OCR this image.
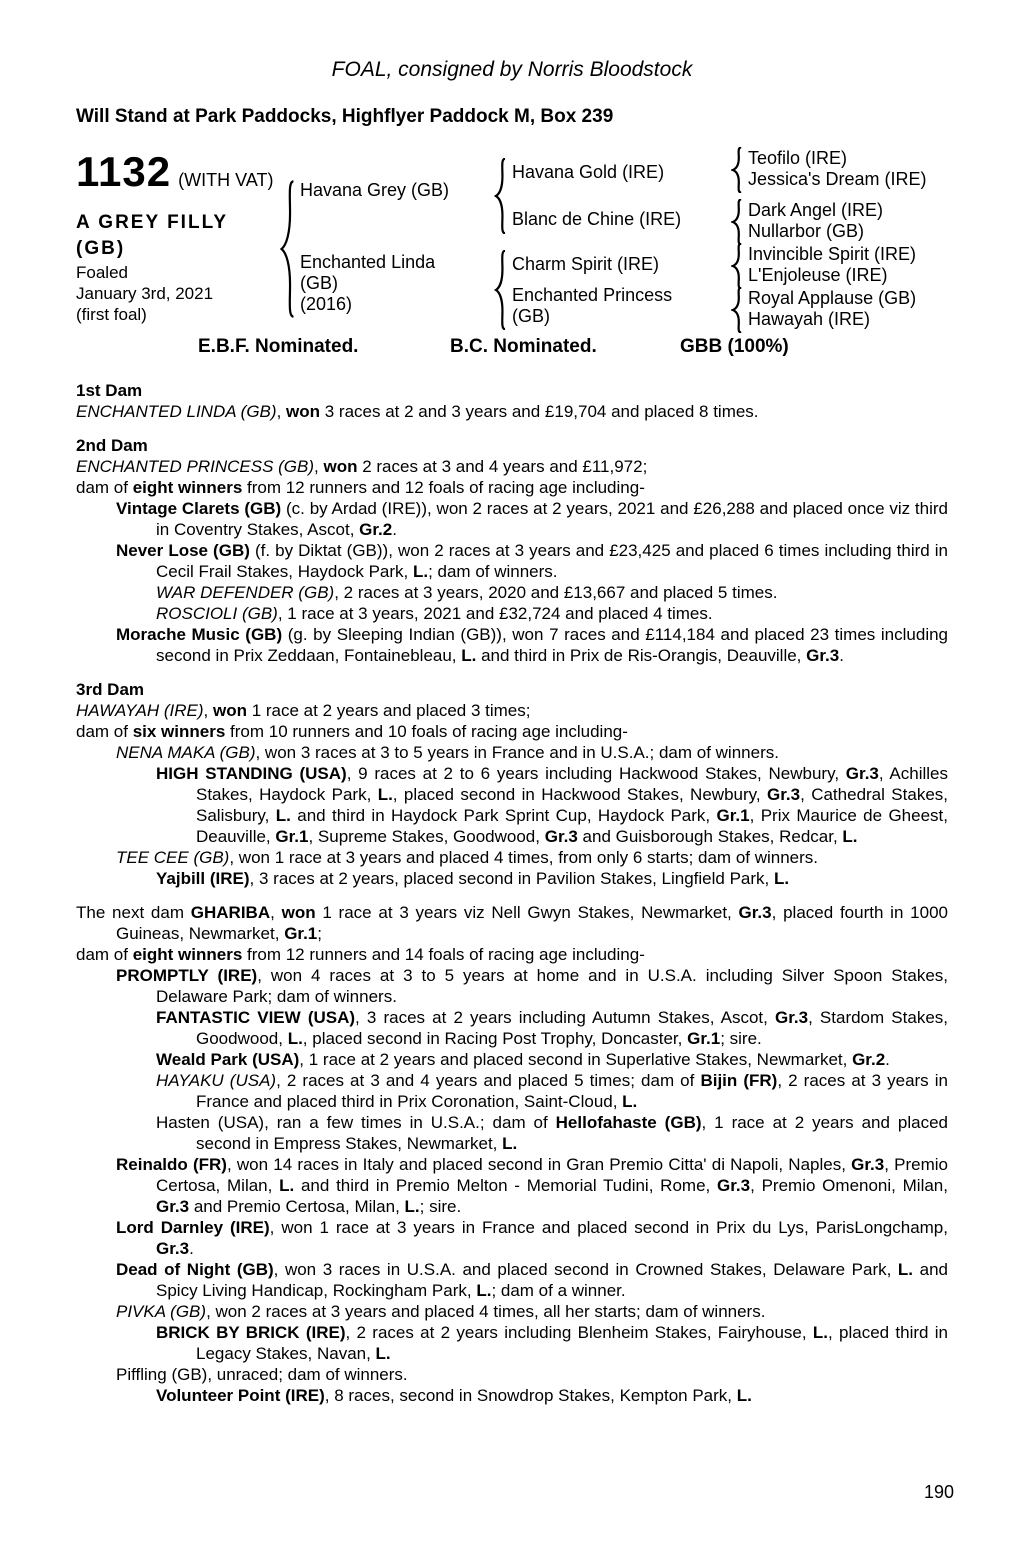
FOAL, consigned by Norris Bloodstock
Will Stand at Park Paddocks, Highflyer Paddock M, Box 239
1132 (WITH VAT)
A GREY FILLY
(GB)
Foaled
January 3rd, 2021
(first foal)
Havana Grey (GB)
Enchanted Linda
(GB)
(2016)
Havana Gold (IRE)
Blanc de Chine (IRE)
Charm Spirit (IRE)
Enchanted Princess (GB)
Teofilo (IRE)
Jessica's Dream (IRE)
Dark Angel (IRE)
Nullarbor (GB)
Invincible Spirit (IRE)
L'Enjoleuse (IRE)
Royal Applause (GB)
Hawayah (IRE)
E.B.F. Nominated.	B.C. Nominated.	GBB (100%)
1st Dam

ENCHANTED LINDA (GB), won 3 races at 2 and 3 years and £19,704 and placed 8 times.

2nd Dam

ENCHANTED PRINCESS (GB), won 2 races at 3 and 4 years and £11,972;

dam of eight winners from 12 runners and 12 foals of racing age including-

Vintage Clarets (GB) (c. by Ardad (IRE)), won 2 races at 2 years, 2021 and £26,288 and placed once viz third in Coventry Stakes, Ascot, Gr.2.

Never Lose (GB) (f. by Diktat (GB)), won 2 races at 3 years and £23,425 and placed 6 times including third in Cecil Frail Stakes, Haydock Park, L.; dam of winners.

WAR DEFENDER (GB), 2 races at 3 years, 2020 and £13,667 and placed 5 times.

ROSCIOLI (GB), 1 race at 3 years, 2021 and £32,724 and placed 4 times.

Morache Music (GB) (g. by Sleeping Indian (GB)), won 7 races and £114,184 and placed 23 times including second in Prix Zeddaan, Fontainebleau, L. and third in Prix de Ris-Orangis, Deauville, Gr.3.

3rd Dam

HAWAYAH (IRE), won 1 race at 2 years and placed 3 times;

dam of six winners from 10 runners and 10 foals of racing age including-

NENA MAKA (GB), won 3 races at 3 to 5 years in France and in U.S.A.; dam of winners.

HIGH STANDING (USA), 9 races at 2 to 6 years including Hackwood Stakes, Newbury, Gr.3, Achilles Stakes, Haydock Park, L., placed second in Hackwood Stakes, Newbury, Gr.3, Cathedral Stakes, Salisbury, L. and third in Haydock Park Sprint Cup, Haydock Park, Gr.1, Prix Maurice de Gheest, Deauville, Gr.1, Supreme Stakes, Goodwood, Gr.3 and Guisborough Stakes, Redcar, L.

TEE CEE (GB), won 1 race at 3 years and placed 4 times, from only 6 starts; dam of winners.

Yajbill (IRE), 3 races at 2 years, placed second in Pavilion Stakes, Lingfield Park, L.

The next dam GHARIBA, won 1 race at 3 years viz Nell Gwyn Stakes, Newmarket, Gr.3, placed fourth in 1000 Guineas, Newmarket, Gr.1;

dam of eight winners from 12 runners and 14 foals of racing age including-

PROMPTLY (IRE), won 4 races at 3 to 5 years at home and in U.S.A. including Silver Spoon Stakes, Delaware Park; dam of winners.

FANTASTIC VIEW (USA), 3 races at 2 years including Autumn Stakes, Ascot, Gr.3, Stardom Stakes, Goodwood, L., placed second in Racing Post Trophy, Doncaster, Gr.1; sire.

Weald Park (USA), 1 race at 2 years and placed second in Superlative Stakes, Newmarket, Gr.2.

HAYAKU (USA), 2 races at 3 and 4 years and placed 5 times; dam of Bijin (FR), 2 races at 3 years in France and placed third in Prix Coronation, Saint-Cloud, L.

Hasten (USA), ran a few times in U.S.A.; dam of Hellofahaste (GB), 1 race at 2 years and placed second in Empress Stakes, Newmarket, L.

Reinaldo (FR), won 14 races in Italy and placed second in Gran Premio Citta' di Napoli, Naples, Gr.3, Premio Certosa, Milan, L. and third in Premio Melton - Memorial Tudini, Rome, Gr.3, Premio Omenoni, Milan, Gr.3 and Premio Certosa, Milan, L.; sire.

Lord Darnley (IRE), won 1 race at 3 years in France and placed second in Prix du Lys, ParisLongchamp, Gr.3.

Dead of Night (GB), won 3 races in U.S.A. and placed second in Crowned Stakes, Delaware Park, L. and Spicy Living Handicap, Rockingham Park, L.; dam of a winner.

PIVKA (GB), won 2 races at 3 years and placed 4 times, all her starts; dam of winners.

BRICK BY BRICK (IRE), 2 races at 2 years including Blenheim Stakes, Fairyhouse, L., placed third in Legacy Stakes, Navan, L.

Piffling (GB), unraced; dam of winners.

Volunteer Point (IRE), 8 races, second in Snowdrop Stakes, Kempton Park, L.

190
